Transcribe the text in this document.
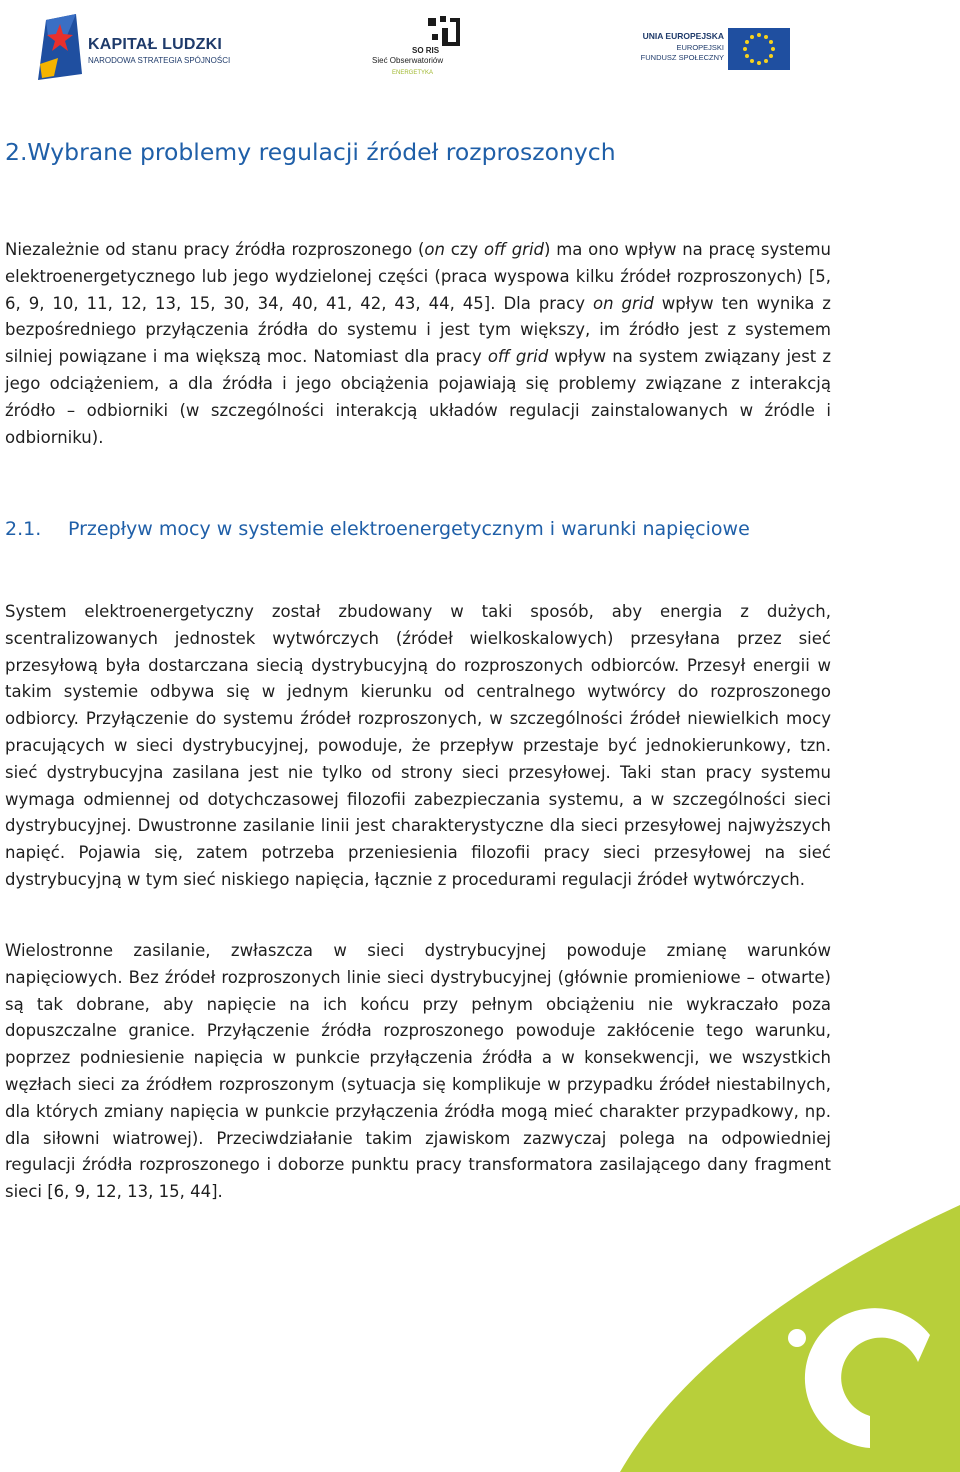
KAPITAŁ LUDZKI
NARODOWA STRATEGIA SPÓJNOŚCI
SO RIS
Sieć Obserwatoriów
ENERGETYKA
UNIA EUROPEJSKA
EUROPEJSKI
FUNDUSZ SPOŁECZNY
2.Wybrane problemy regulacji źródeł rozproszonych

Niezależnie od stanu pracy źródła rozproszonego (on czy off grid) ma ono wpływ na pracę systemu elektroenergetycznego lub jego wydzielonej części (praca wyspowa kilku źródeł rozproszonych) [5, 6, 9, 10, 11, 12, 13, 15, 30, 34, 40, 41, 42, 43, 44, 45]. Dla pracy on grid wpływ ten wynika z bezpośredniego przyłączenia źródła do systemu i jest tym większy, im źródło jest z systemem silniej powiązane i ma większą moc. Natomiast dla pracy off grid wpływ na system związany jest z jego odciążeniem, a dla źródła i jego obciążenia pojawiają się problemy związane z interakcją źródło – odbiorniki (w szczególności interakcją układów regulacji zainstalowanych w źródle i odbiorniku).

2.1. Przepływ mocy w systemie elektroenergetycznym i warunki napięciowe

System elektroenergetyczny został zbudowany w taki sposób, aby energia z dużych, scentralizowanych jednostek wytwórczych (źródeł wielkoskalowych) przesyłana przez sieć przesyłową była dostarczana siecią dystrybucyjną do rozproszonych odbiorców. Przesył energii w takim systemie odbywa się w jednym kierunku od centralnego wytwórcy do rozproszonego odbiorcy. Przyłączenie do systemu źródeł rozproszonych, w szczególności źródeł niewielkich mocy pracujących w sieci dystrybucyjnej, powoduje, że przepływ przestaje być jednokierunkowy, tzn. sieć dystrybucyjna zasilana jest nie tylko od strony sieci przesyłowej. Taki stan pracy systemu wymaga odmiennej od dotychczasowej filozofii zabezpieczania systemu, a w szczególności sieci dystrybucyjnej. Dwustronne zasilanie linii jest charakterystyczne dla sieci przesyłowej najwyższych napięć. Pojawia się, zatem potrzeba przeniesienia filozofii pracy sieci przesyłowej na sieć dystrybucyjną w tym sieć niskiego napięcia, łącznie z procedurami regulacji źródeł wytwórczych.

Wielostronne zasilanie, zwłaszcza w sieci dystrybucyjnej powoduje zmianę warunków napięciowych. Bez źródeł rozproszonych linie sieci dystrybucyjnej (głównie promieniowe – otwarte) są tak dobrane, aby napięcie na ich końcu przy pełnym obciążeniu nie wykraczało poza dopuszczalne granice. Przyłączenie źródła rozproszonego powoduje zakłócenie tego warunku, poprzez podniesienie napięcia w punkcie przyłączenia źródła a w konsekwencji, we wszystkich węzłach sieci za źródłem rozproszonym (sytuacja się komplikuje w przypadku źródeł niestabilnych, dla których zmiany napięcia w punkcie przyłączenia źródła mogą mieć charakter przypadkowy, np. dla siłowni wiatrowej). Przeciwdziałanie takim zjawiskom zazwyczaj polega na odpowiedniej regulacji źródła rozproszonego i doborze punktu pracy transformatora zasilającego dany fragment sieci [6, 9, 12, 13, 15, 44].
